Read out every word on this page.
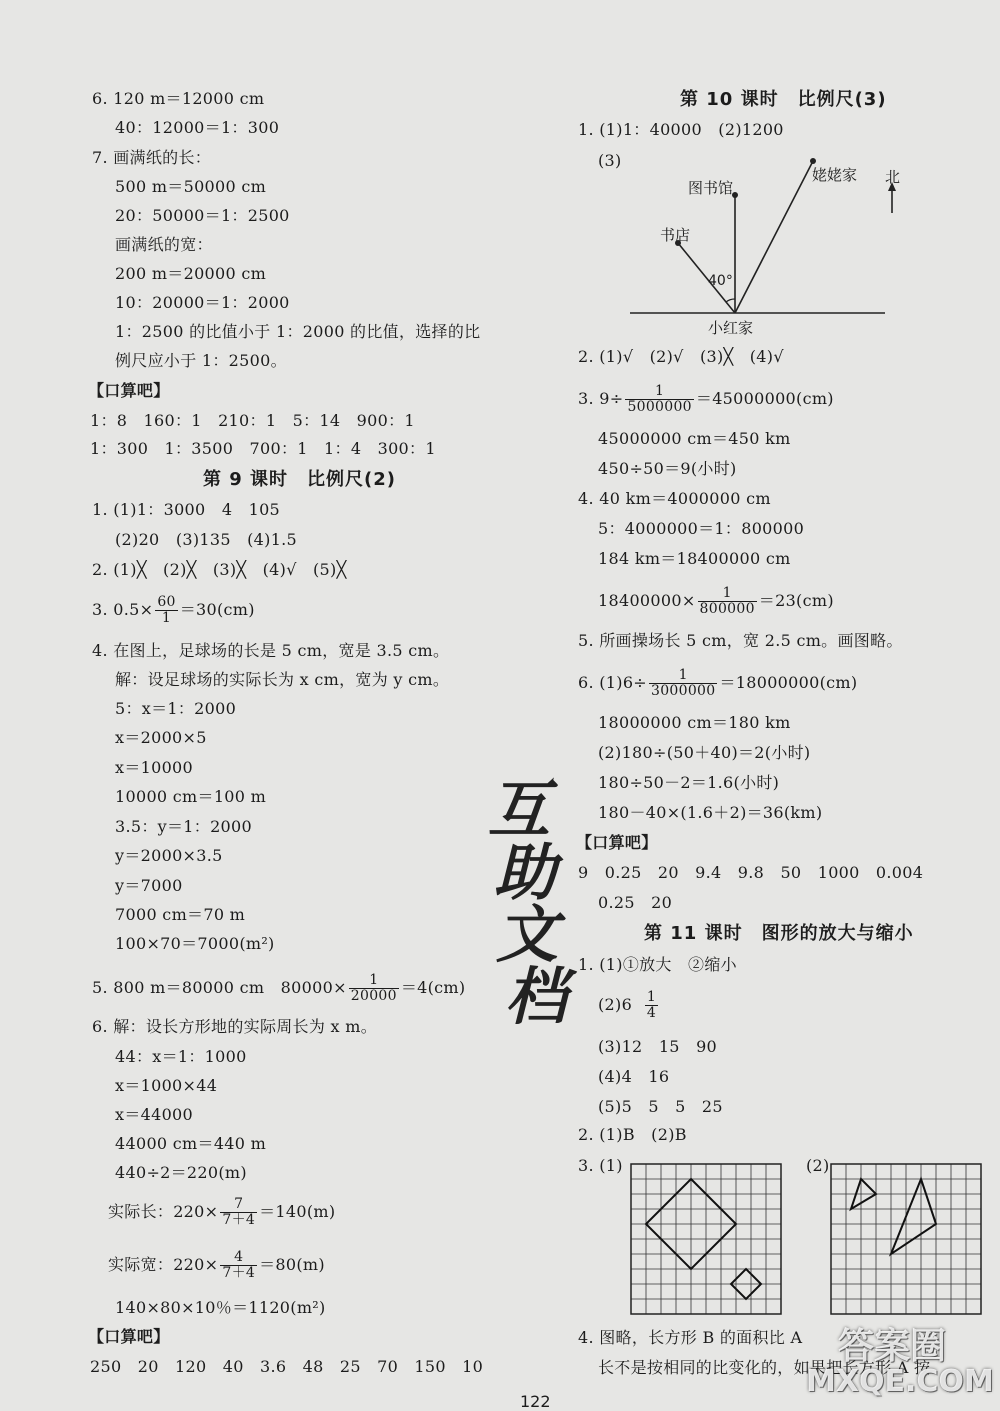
6. 120 m＝12000 cm
40：12000＝1：300
7. 画满纸的长：
500 m＝50000 cm
20：50000＝1：2500
画满纸的宽：
200 m＝20000 cm
10：20000＝1：2000
1：2500 的比值小于 1：2000 的比值，选择的比
例尺应小于 1：2500。
【口算吧】
1：8　160：1　210：1　5：14　900：1
1：300　1：3500　700：1　1：4　300：1
第 9 课时　比例尺(2)
1. (1)1：3000　4　105
(2)20　(3)135　(4)1.5
2. (1)╳　(2)╳　(3)╳　(4)√　(5)╳
3. $0.5\times \frac{60}{1} =30(cm)$
4. 在图上，足球场的长是 5 cm，宽是 3.5 cm。
解：设足球场的实际长为 x cm，宽为 y cm。
5：x＝1：2000
x＝2000×5
x＝10000
10000 cm＝100 m
3.5：y＝1：2000
y＝2000×3.5
y＝7000
7000 cm＝70 m
100×70＝7000(m²)
5. 800 m＝80000 cm　$80000\times \frac{1}{20000} =4(cm)$
6. 解：设长方形地的实际周长为 x m。
44：x＝1：1000
x＝1000×44
x＝44000
44000 cm＝440 m
440÷2＝220(m)
实际长：$220\times \frac{7}{7+4} =140(m)$
实际宽：$220\times \frac{4}{7+4} =80(m)$
140×80×10％＝1120(m²)
【口算吧】
250　20　120　40　3.6　48　25　70　150　10
第 10 课时　比例尺(3)
1. (1)1：40000　(2)1200
(3)
图书馆
姥姥家 北
书店
40°
小红家
2. (1)√　(2)√　(3)╳　(4)√
3. $9\div \frac{1}{5000000} =45000000(cm)$
45000000 cm＝450 km
450÷50＝9(小时)
4. 40 km＝4000000 cm
5：4000000＝1：800000
184 km＝18400000 cm
$18400000\times \frac{1}{800000} =23(cm)$
5. 所画操场长 5 cm，宽 2.5 cm。画图略。
6. $(1)6\div \frac{1}{3000000} =18000000(cm)$
18000000 cm＝180 km
(2)180÷(50＋40)＝2(小时)
180÷50－2＝1.6(小时)
180－40×(1.6＋2)＝36(km)
【口算吧】
9　0.25　20　9.4　9.8　50　1000　0.004
0.25　20
第 11 课时　图形的放大与缩小
1. (1)①放大　②缩小
$(2)6 \frac{1}{4}$
(3)12　15　90
(4)4　16
(5)5　5　5　25
2. (1)B　(2)B
3. (1)	(2)
4. 图略，长方形 B 的面积比 A
长不是按相同的比变化的，如果把长方形 A 按
互
助
文
档
122
答案圈
MXQE.COM
